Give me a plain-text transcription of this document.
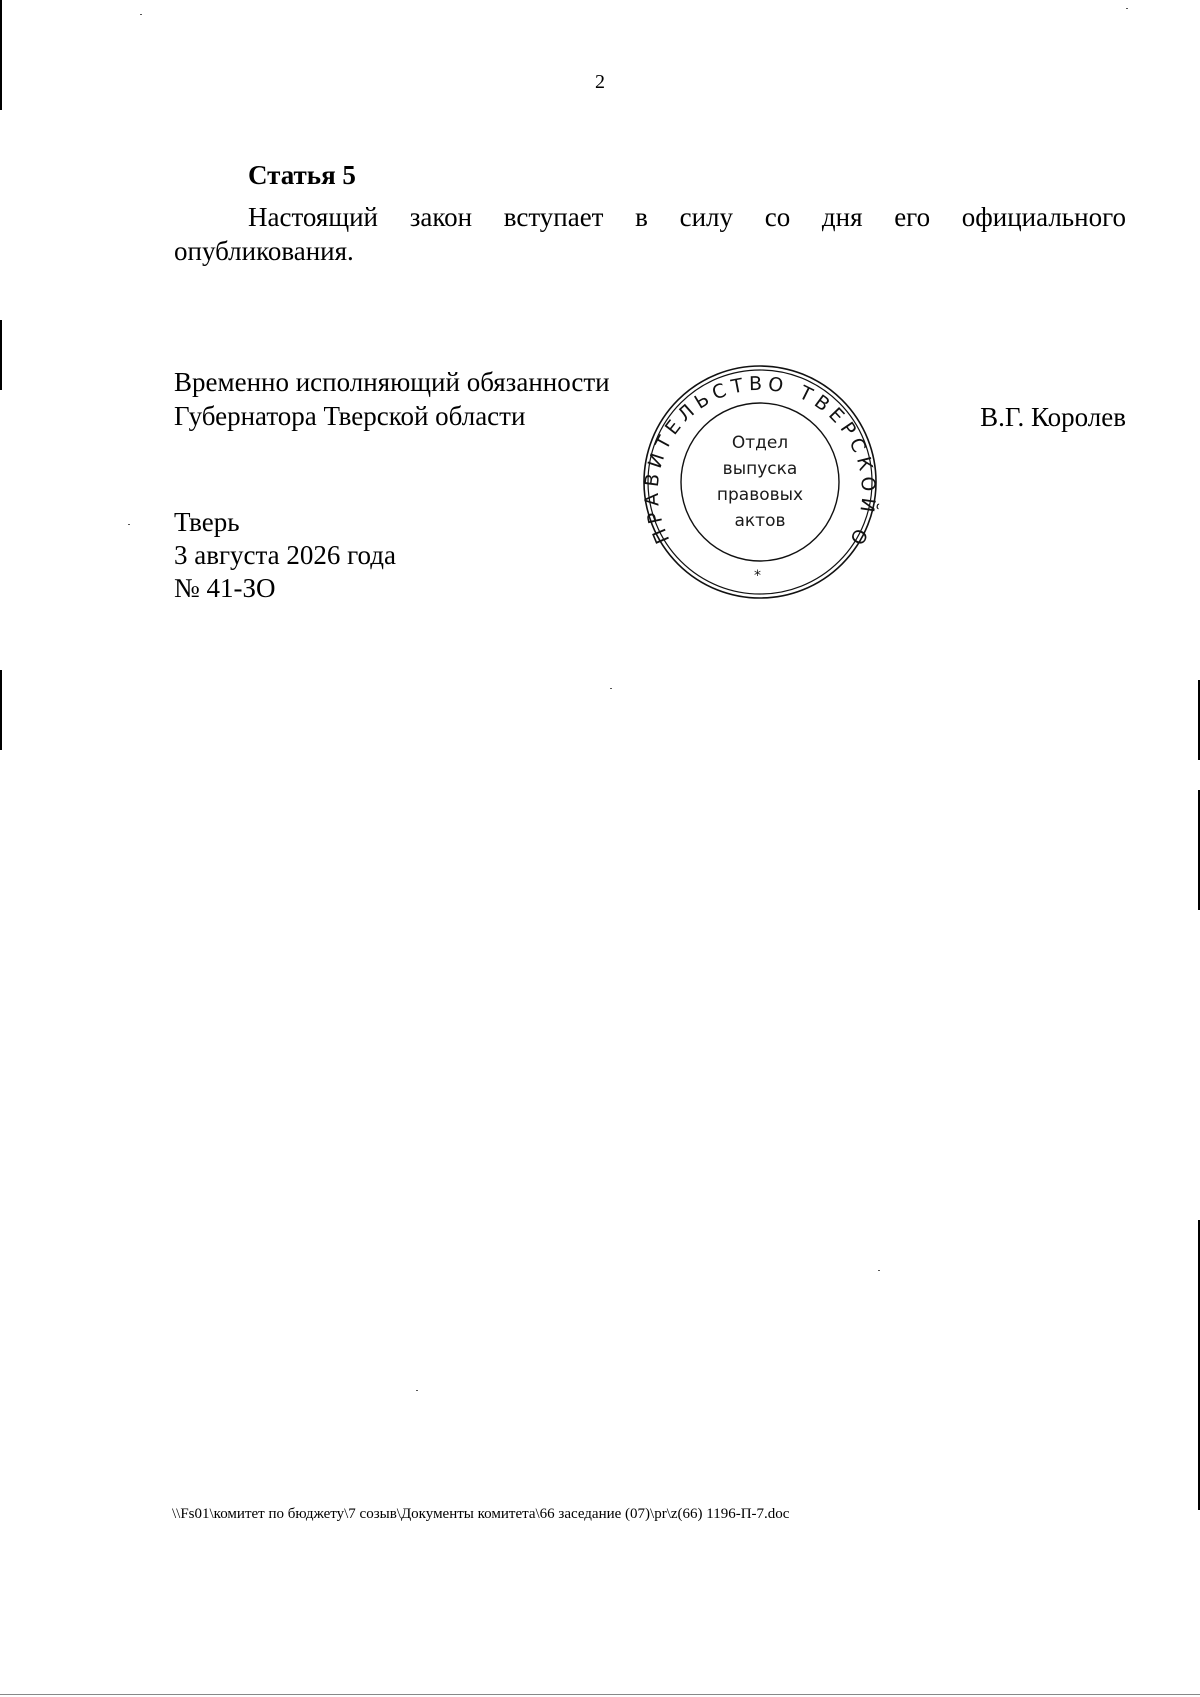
2
Статья 5
Настоящий закон вступает в силу со дня его официального
опубликования.
Временно исполняющий обязанности
Губернатора Тверской области	В.Г. Королев
Тверь
3 августа 2026 года
№ 41-ЗО
ПРАВИТЕЛЬСТВО ТВЕРСКОЙ О
*
Отдел
выпуска
правовых
актов
\\Fs01\комитет по бюджету\7 созыв\Документы комитета\66 заседание (07)\pr\z(66) 1196-П-7.doc
